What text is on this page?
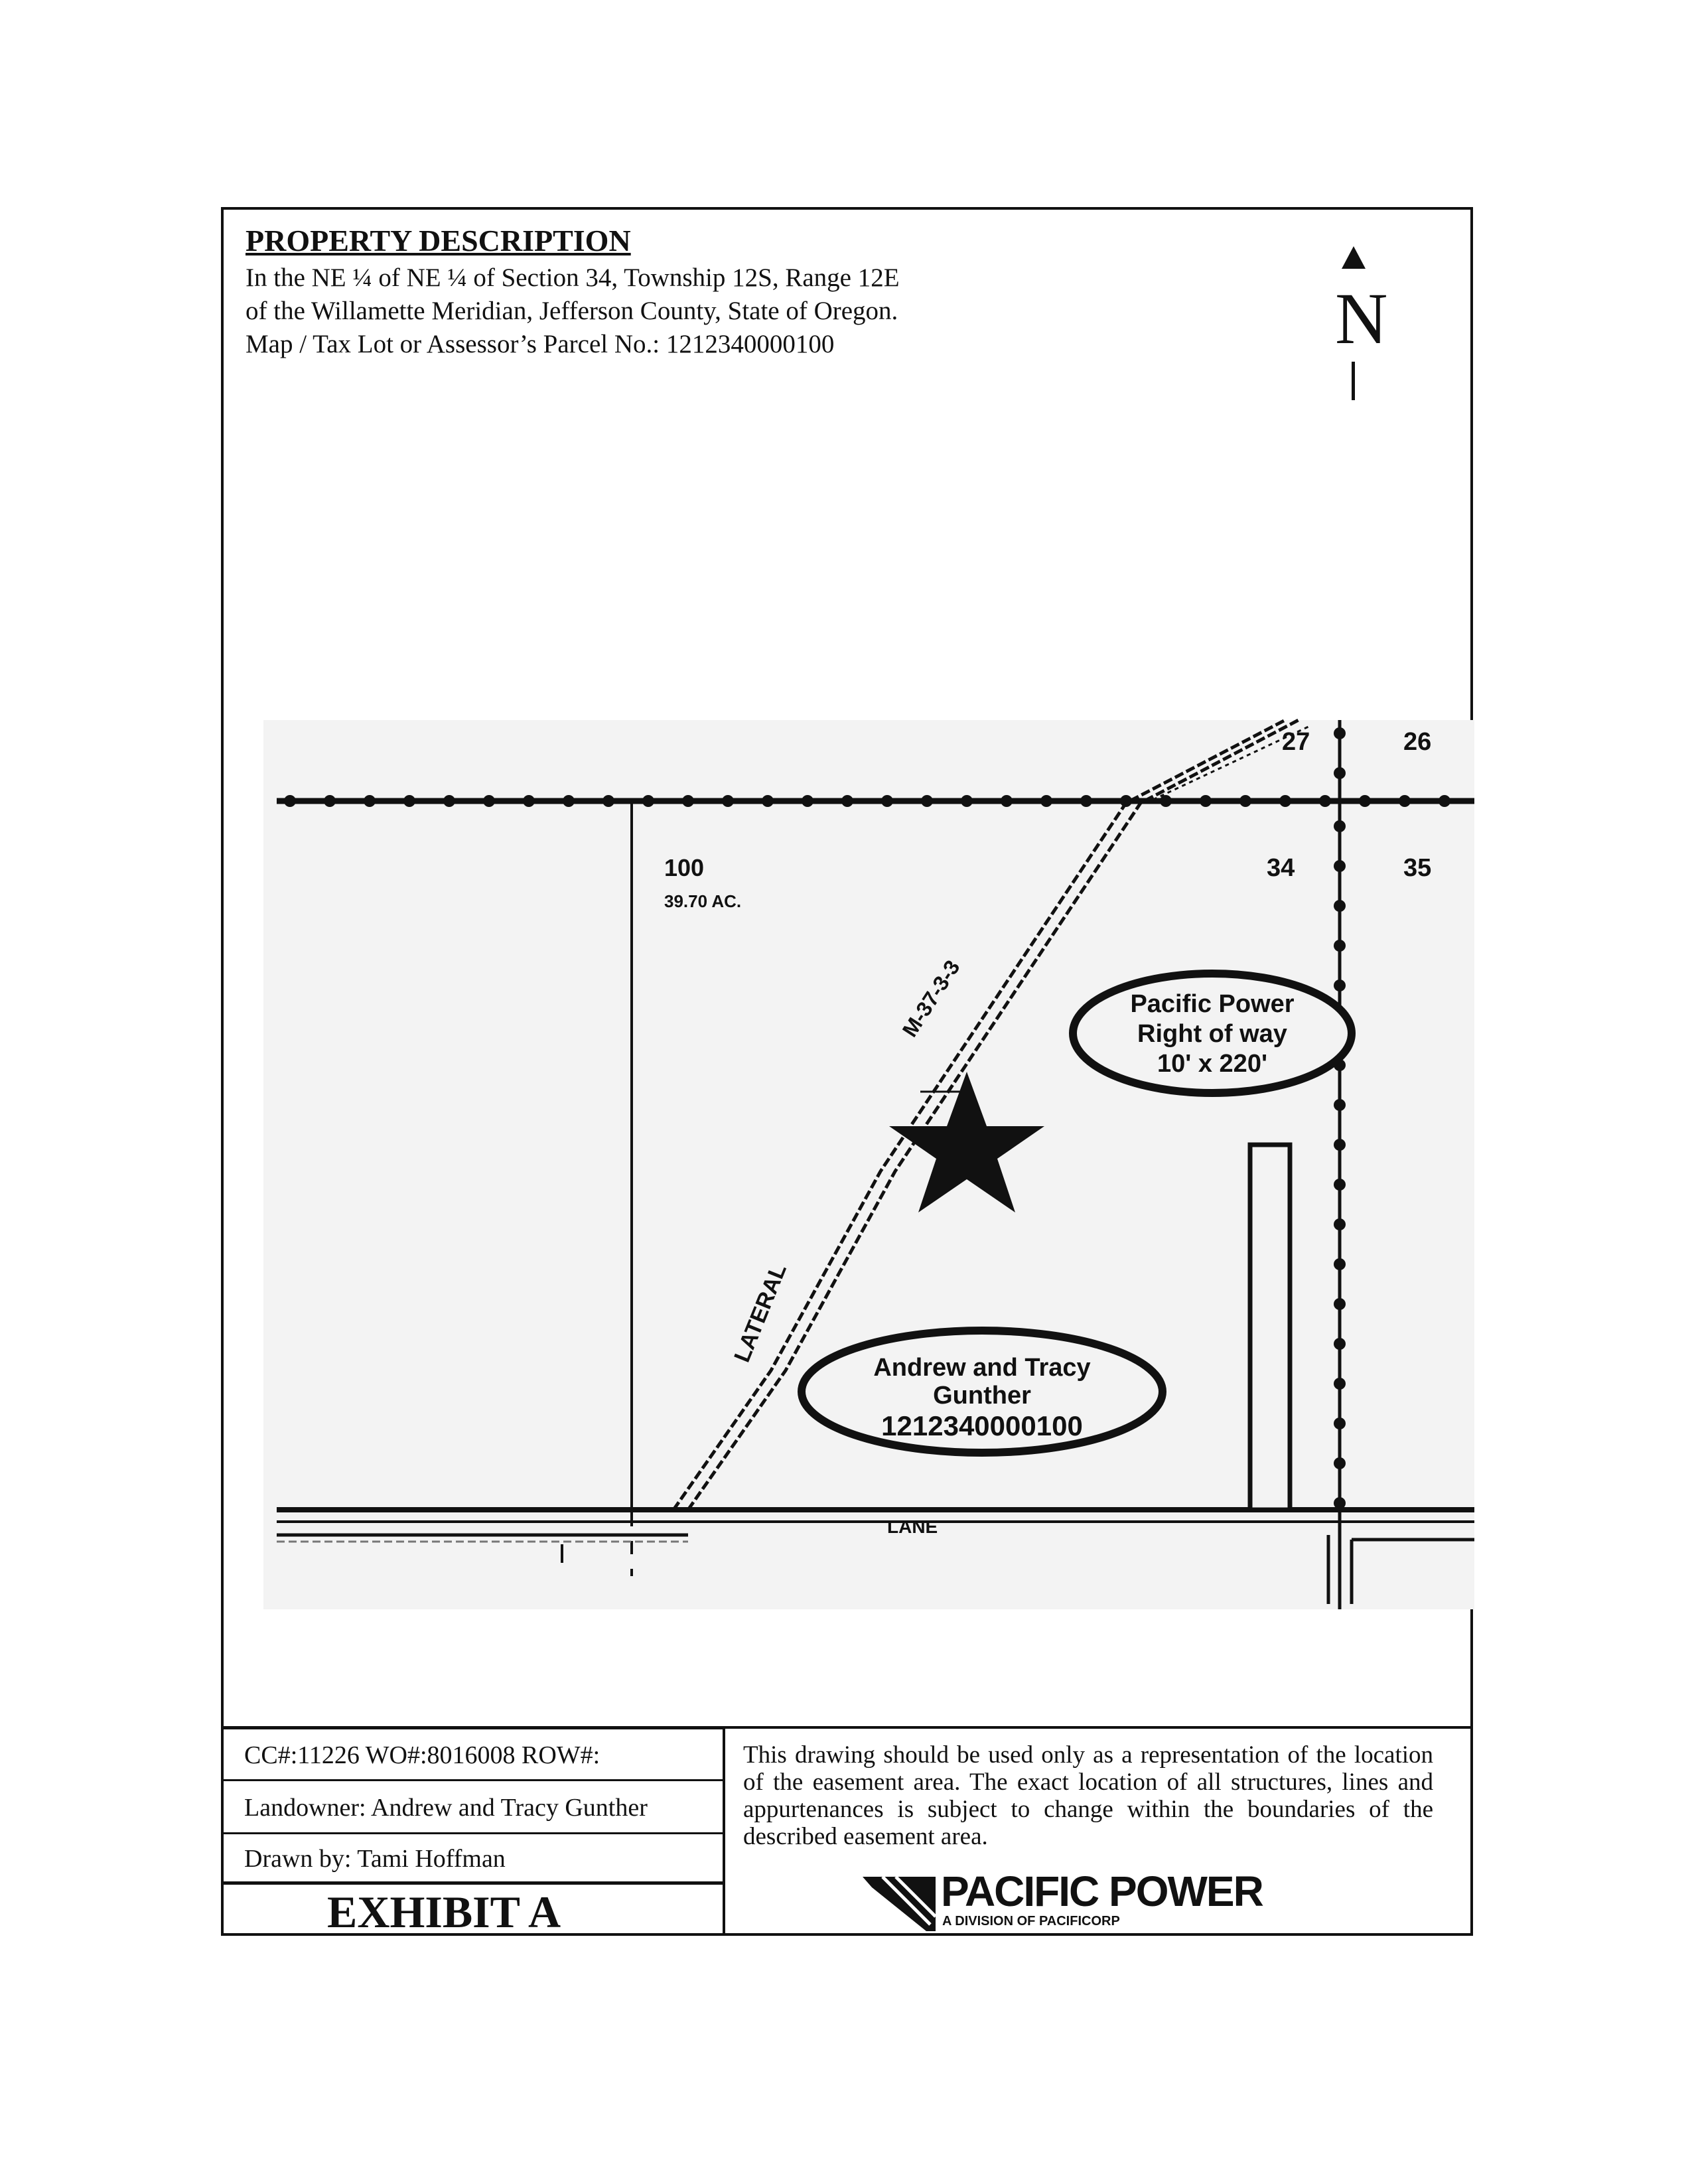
PROPERTY DESCRIPTION
In the NE ¼ of NE ¼ of Section 34, Township 12S, Range 12E
of the Willamette Meridian, Jefferson County, State of Oregon.
Map / Tax Lot or Assessor’s Parcel No.: 1212340000100	N
100
39.70 AC.
27	26
34	35
M-37-3-3
LATERAL
LANE
Pacific Power
Right of way
10' x 220'
Andrew and Tracy
Gunther
1212340000100
CC#:11226 WO#:8016008 ROW#:
Landowner: Andrew and Tracy Gunther
Drawn by: Tami Hoffman
EXHIBIT A
This drawing should be used only as a representation of the location of the easement area. The exact location of all structures, lines and appurtenances is subject to change within the boundaries of the described easement area.
PACIFIC POWER
A DIVISION OF PACIFICORP
